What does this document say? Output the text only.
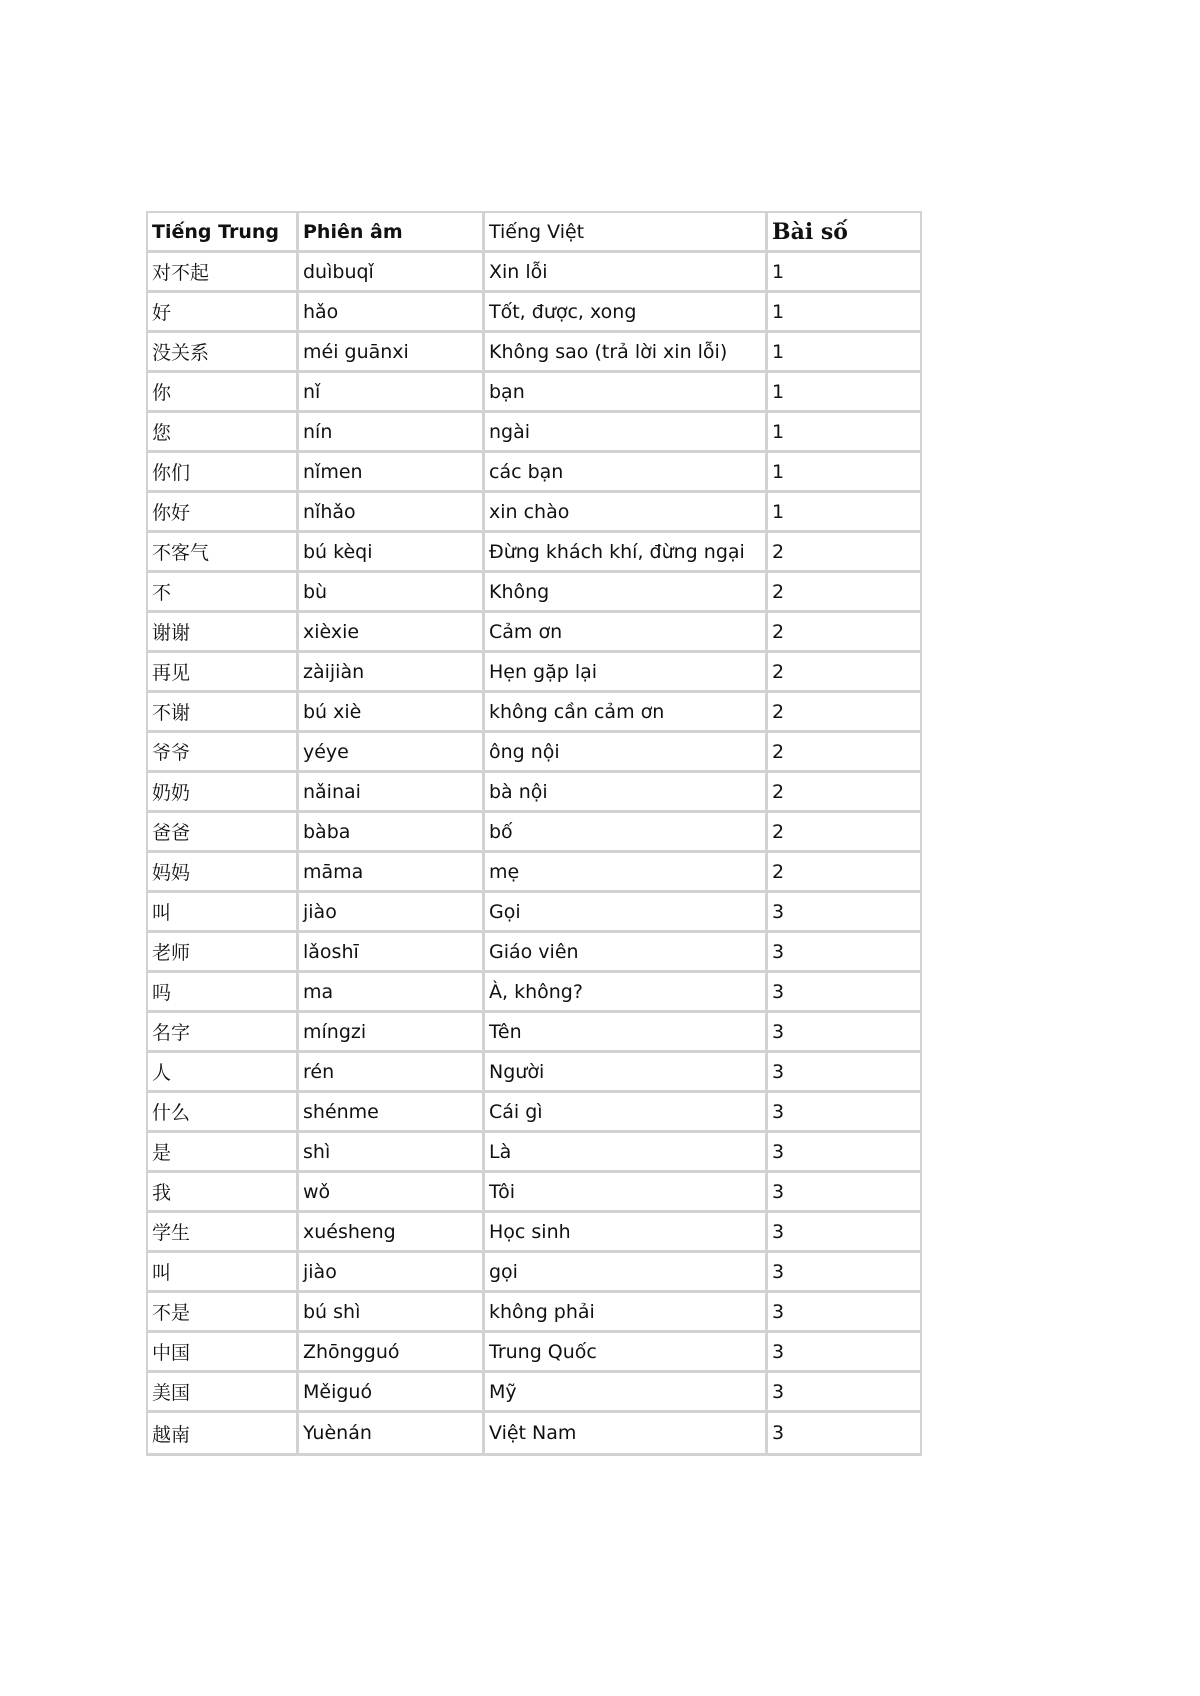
Tiếng Trung	Phiên âm	Tiếng Việt	Bài số
对不起	duìbuqǐ	Xin lỗi	1
好	hǎo	Tốt, được, xong	1
没关系	méi guānxi	Không sao (trả lời xin lỗi)	1
你	nǐ	bạn	1
您	nín	ngài	1
你们	nǐmen	các bạn	1
你好	nǐhǎo	xin chào	1
不客气	bú kèqi	Đừng khách khí, đừng ngại	2
不	bù	Không	2
谢谢	xièxie	Cảm ơn	2
再见	zàijiàn	Hẹn gặp lại	2
不谢	bú xiè	không cần cảm ơn	2
爷爷	yéye	ông nội	2
奶奶	nǎinai	bà nội	2
爸爸	bàba	bố	2
妈妈	māma	mẹ	2
叫	jiào	Gọi	3
老师	lǎoshī	Giáo viên	3
吗	ma	À, không?	3
名字	míngzi	Tên	3
人	rén	Người	3
什么	shénme	Cái gì	3
是	shì	Là	3
我	wǒ	Tôi	3
学生	xuésheng	Học sinh	3
叫	jiào	gọi	3
不是	bú shì	không phải	3
中国	Zhōngguó	Trung Quốc	3
美国	Měiguó	Mỹ	3
越南	Yuènán	Việt Nam	3
